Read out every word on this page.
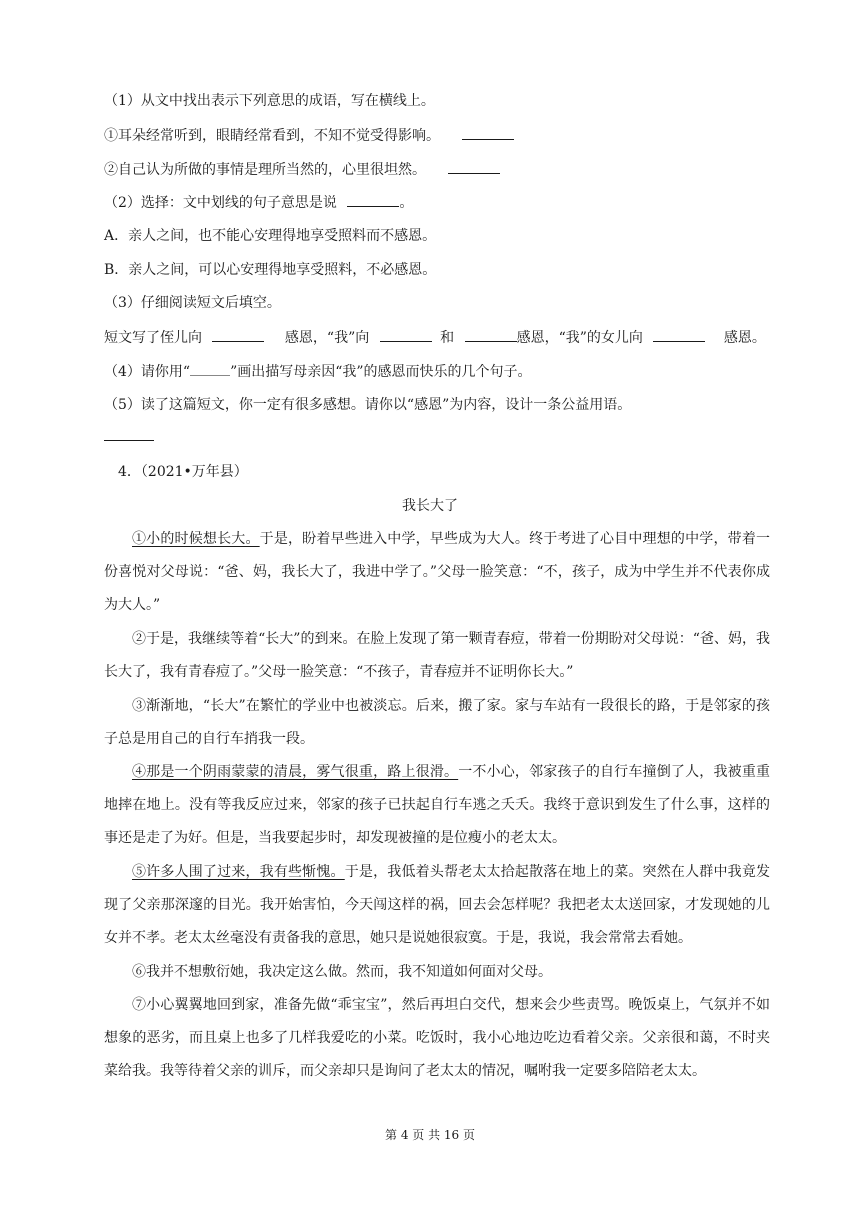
（1）从文中找出表示下列意思的成语，写在横线上。
①耳朵经常听到，眼睛经常看到，不知不觉受得影响。
②自己认为所做的事情是理所当然的，心里很坦然。
（2）选择：文中划线的句子意思是说	。
A．亲人之间，也不能心安理得地享受照料而不感恩。
B．亲人之间，可以心安理得地享受照料，不必感恩。
（3）仔细阅读短文后填空。
短文写了侄儿向	感恩，“我”向	和	感恩，“我”的女儿向	感恩。
（4）请你用“	”画出描写母亲因“我”的感恩而快乐的几个句子。
（5）读了这篇短文，你一定有很多感想。请你以“感恩”为内容，设计一条公益用语。
4．（2021•万年县）
我长大了
①小的时候想长大。于是，盼着早些进入中学，早些成为大人。终于考进了心目中理想的中学，带着一份喜悦对父母说：“爸、妈，我长大了，我进中学了。”父母一脸笑意：“不，孩子，成为中学生并不代表你成为大人。”
②于是，我继续等着“长大”的到来。在脸上发现了第一颗青春痘，带着一份期盼对父母说：“爸、妈，我长大了，我有青春痘了。”父母一脸笑意：“不孩子，青春痘并不证明你长大。”
③渐渐地，“长大”在繁忙的学业中也被淡忘。后来，搬了家。家与车站有一段很长的路，于是邻家的孩子总是用自己的自行车捎我一段。
④那是一个阴雨蒙蒙的清晨，雾气很重，路上很滑。一不小心，邻家孩子的自行车撞倒了人，我被重重地摔在地上。没有等我反应过来，邻家的孩子已扶起自行车逃之夭夭。我终于意识到发生了什么事，这样的事还是走了为好。但是，当我要起步时，却发现被撞的是位瘦小的老太太。
⑤许多人围了过来，我有些惭愧。于是，我低着头帮老太太拾起散落在地上的菜。突然在人群中我竟发现了父亲那深邃的目光。我开始害怕，今天闯这样的祸，回去会怎样呢？我把老太太送回家，才发现她的儿女并不孝。老太太丝毫没有责备我的意思，她只是说她很寂寞。于是，我说，我会常常去看她。
⑥我并不想敷衍她，我决定这么做。然而，我不知道如何面对父母。
⑦小心翼翼地回到家，准备先做“乖宝宝”，然后再坦白交代，想来会少些责骂。晚饭桌上，气氛并不如想象的恶劣，而且桌上也多了几样我爱吃的小菜。吃饭时，我小心地边吃边看着父亲。父亲很和蔼，不时夹菜给我。我等待着父亲的训斥，而父亲却只是询问了老太太的情况，嘱咐我一定要多陪陪老太太。
第 4 页 共 16 页
